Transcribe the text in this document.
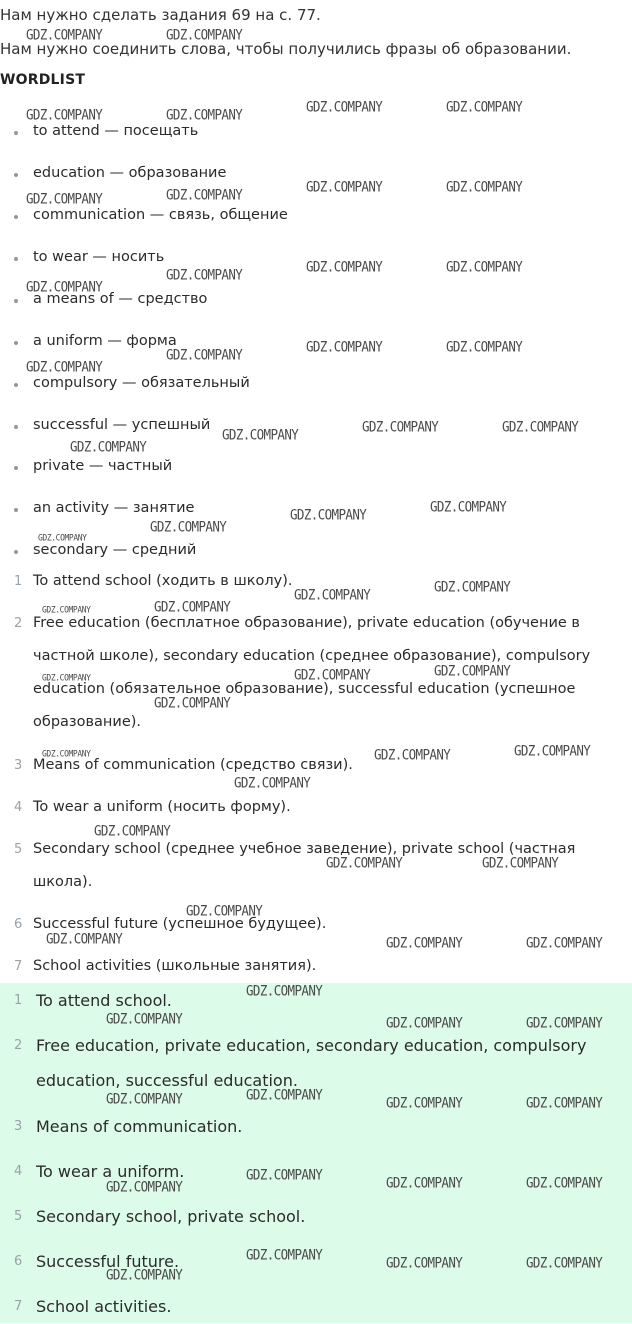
Нам нужно сделать задания 69 на с. 77.
Нам нужно соединить слова, чтобы получились фразы об образовании.
WORDLIST
to attend — посещать
education — образование
communication — связь, общение
to wear — носить
a means of — средство
a uniform — форма
compulsory — обязательный
successful — успешный
private — частный
an activity — занятие
secondary — средний
1 To attend school (ходить в школу).
2 Free education (бесплатное образование), private education (обучение в частной школе), secondary education (среднее образование), compulsory education (обязательное образование), successful education (успешное образование).
3 Means of communication (средство связи).
4 To wear a uniform (носить форму).
5 Secondary school (среднее учебное заведение), private school (частная школа).
6 Successful future (успешное будущее).
7 School activities (школьные занятия).
1 To attend school.
2 Free education, private education, secondary education, compulsory education, successful education.
3 Means of communication.
4 To wear a uniform.
5 Secondary school, private school.
6 Successful future.
7 School activities.
GDZ.COMPANY	GDZ.COMPANY
GDZ.COMPANY	GDZ.COMPANY	GDZ.COMPANY	GDZ.COMPANY
GDZ.COMPANY	GDZ.COMPANY	GDZ.COMPANY	GDZ.COMPANY
GDZ.COMPANY
GDZ.COMPANY
GDZ.COMPANY	GDZ.COMPANY
GDZ.COMPANY	GDZ.COMPANY	GDZ.COMPANY
GDZ.COMPANY
GDZ.COMPANY	GDZ.COMPANY	GDZ.COMPANY
GDZ.COMPANY
GDZ.COMPANY
GDZ.COMPANY
GDZ.COMPANY
GDZ.COMPANY
GDZ.COMPANY
GDZ.COMPANY
GDZ.COMPANY
GDZ.COMPANY
GDZ.COMPANY
GDZ.COMPANY
GDZ.COMPANY
GDZ.COMPANY
GDZ.COMPANY	GDZ.COMPANY
GDZ.COMPANY
GDZ.COMPANY
GDZ.COMPANY
GDZ.COMPANY	GDZ.COMPANY
GDZ.COMPANY
GDZ.COMPANY	GDZ.COMPANY	GDZ.COMPANY
GDZ.COMPANY
GDZ.COMPANY	GDZ.COMPANY	GDZ.COMPANY
GDZ.COMPANY
GDZ.COMPANY	GDZ.COMPANY	GDZ.COMPANY
GDZ.COMPANY
GDZ.COMPANY	GDZ.COMPANY	GDZ.COMPANY
GDZ.COMPANY
GDZ.COMPANY
GDZ.COMPANY	GDZ.COMPANY
